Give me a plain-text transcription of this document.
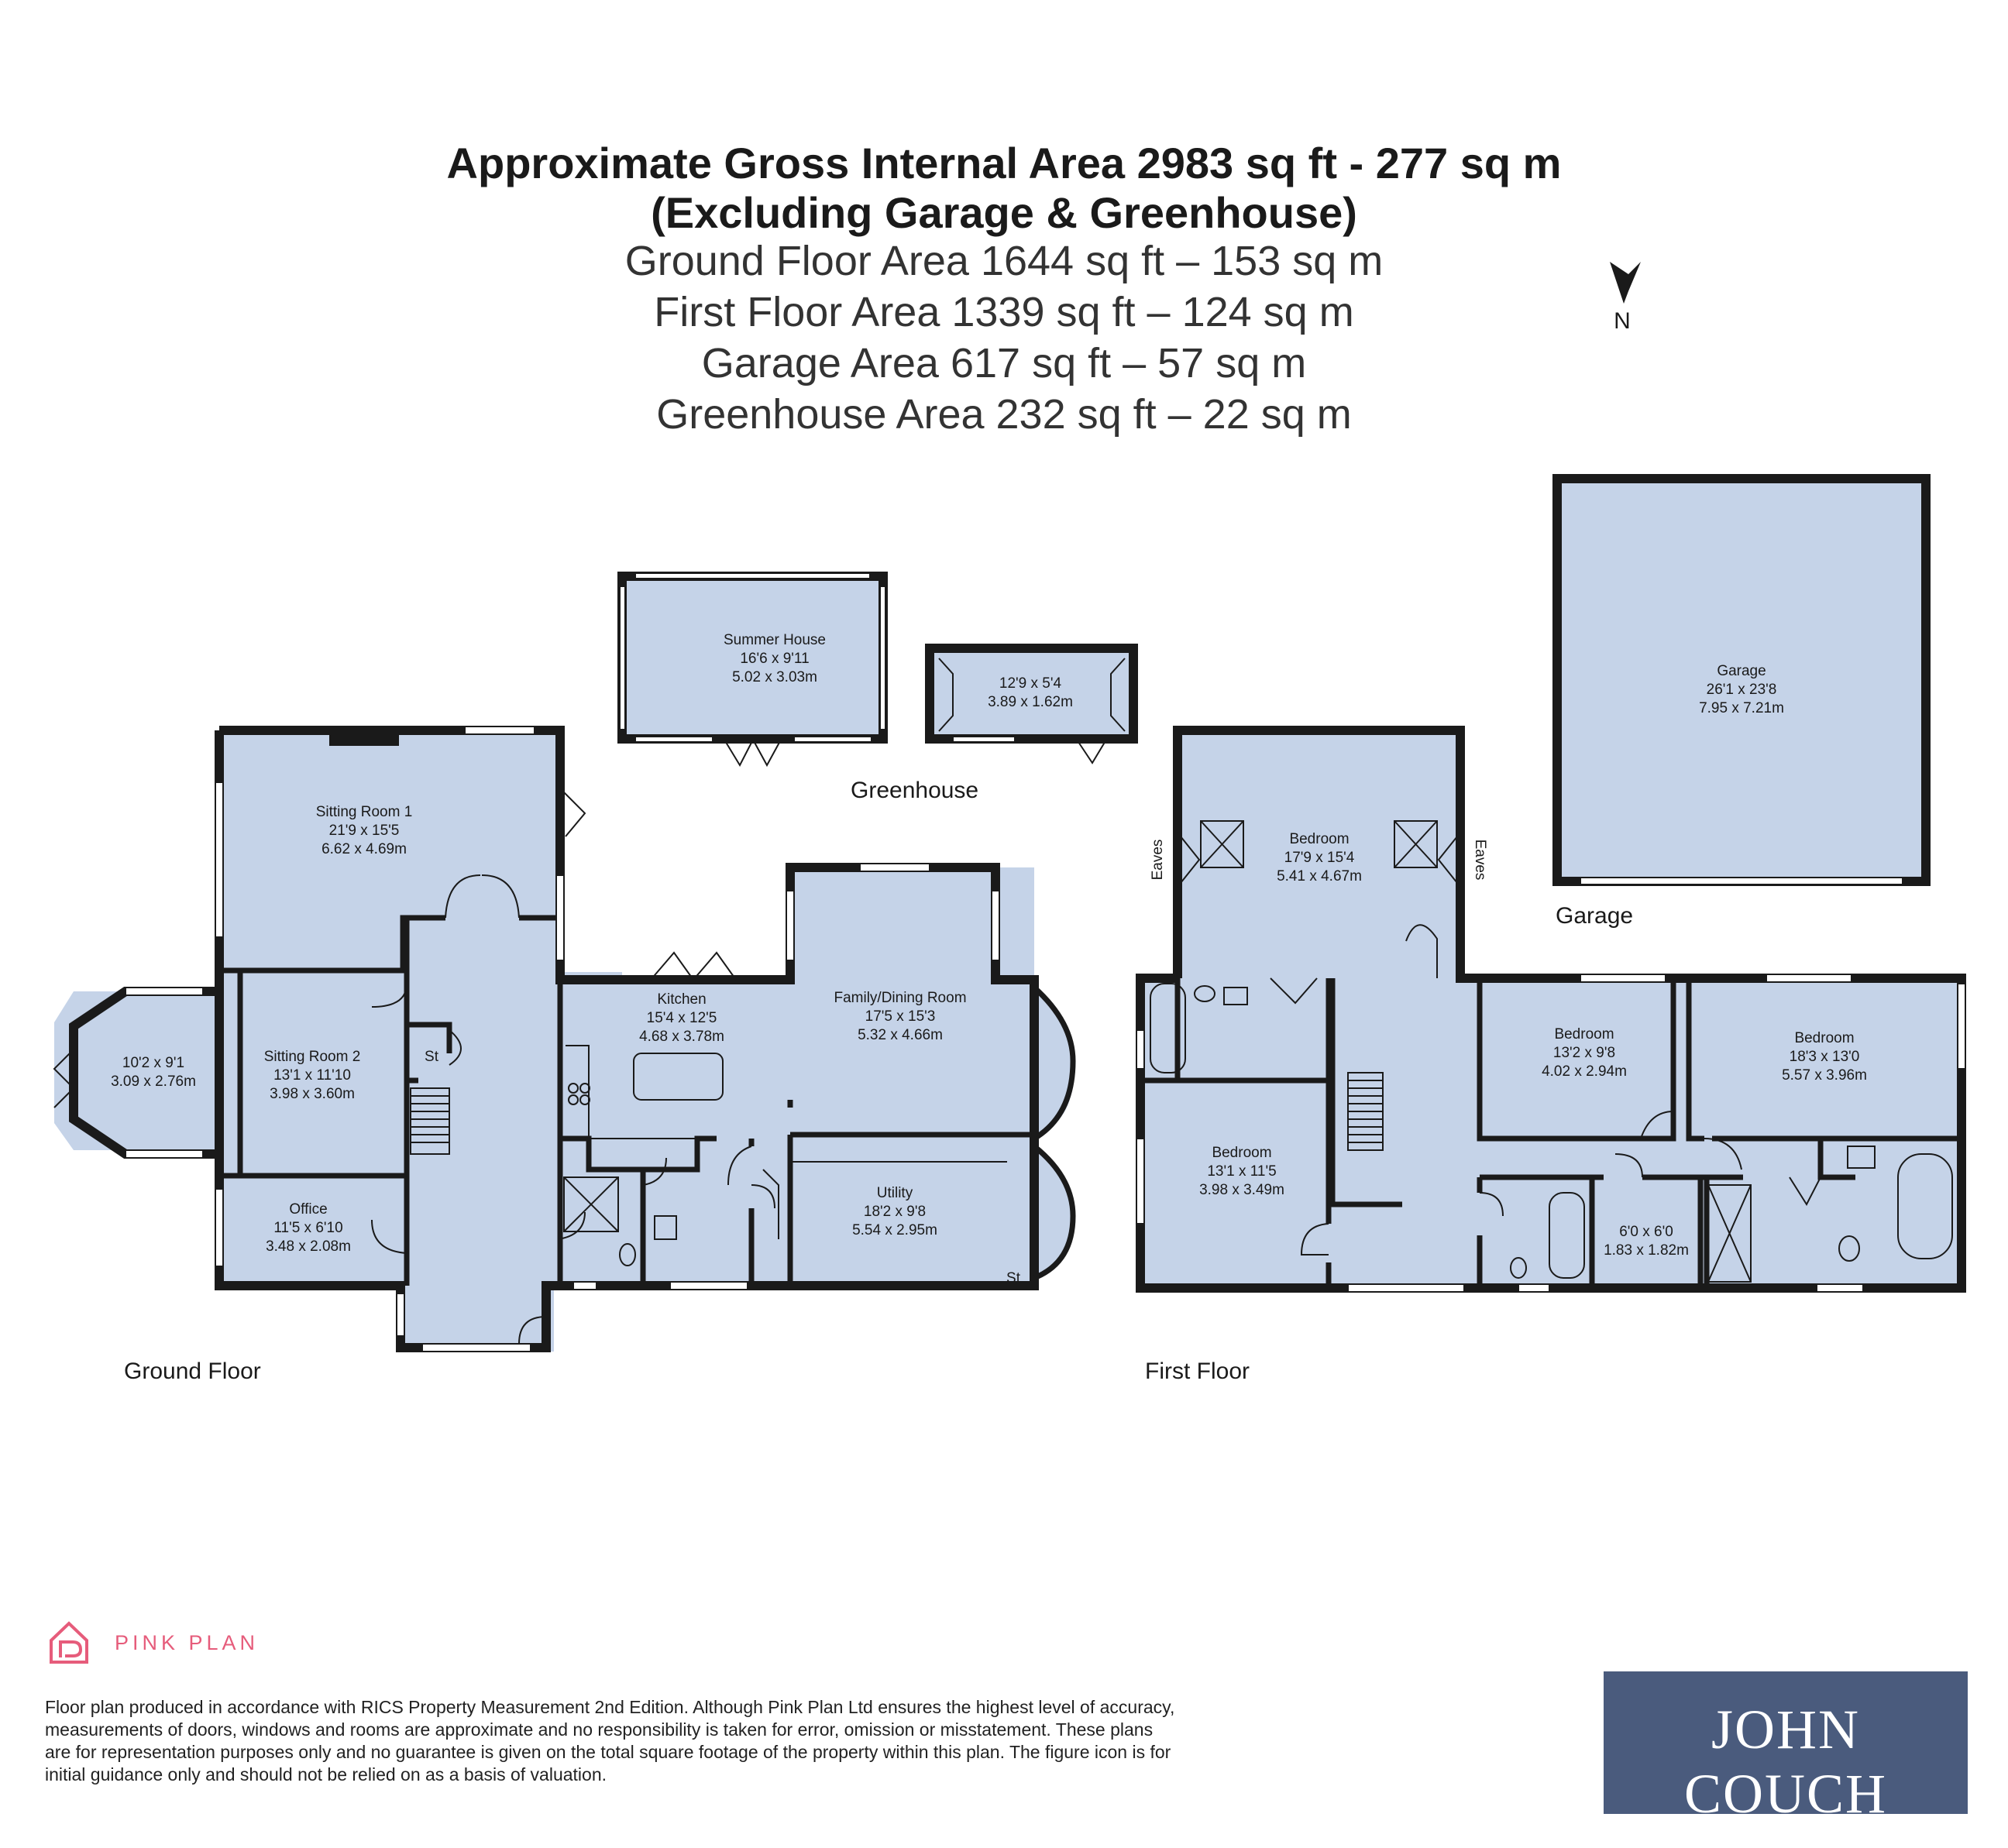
Approximate Gross Internal Area 2983 sq ft - 277 sq m
(Excluding Garage & Greenhouse)
Ground Floor Area 1644 sq ft – 153 sq m
First Floor Area 1339 sq ft – 124 sq m
Garage Area 617 sq ft – 57 sq m
Greenhouse Area 232 sq ft – 22 sq m
N
Sitting Room 1
21'9 x 15'5
6.62 x 4.69m
Sitting Room 2
13'1 x 11'10
3.98 x 3.60m
10'2 x 9'1
3.09 x 2.76m
Office
11'5 x 6'10
3.48 x 2.08m
Kitchen
15'4 x 12'5
4.68 x 3.78m
Family/Dining Room
17'5 x 15'3
5.32 x 4.66m
Utility
18'2 x 9'8
5.54 x 2.95m
St
St
Summer House
16'6 x 9'11
5.02 x 3.03m	12'9 x 5'4
3.89 x 1.62m
Garage
26'1 x 23'8
7.95 x 7.21m
Bedroom
17'9 x 15'4
5.41 x 4.67m
Bedroom
13'1 x 11'5
3.98 x 3.49m
Bedroom
13'2 x 9'8
4.02 x 2.94m
Bedroom
18'3 x 13'0
5.57 x 3.96m
6'0 x 6'0
1.83 x 1.82m
Eaves	Eaves
Ground Floor	First Floor
Greenhouse
Garage
PINK PLAN
Floor plan produced in accordance with RICS Property Measurement 2nd Edition. Although Pink Plan Ltd ensures the highest level of accuracy, measurements of doors, windows and rooms are approximate and no responsibility is taken for error, omission or misstatement. These plans are for representation purposes only and no guarantee is given on the total square footage of the property within this plan. The figure icon is for initial guidance only and should not be relied on as a basis of valuation.
JOHN COUCH
THE ESTATE AGENT
